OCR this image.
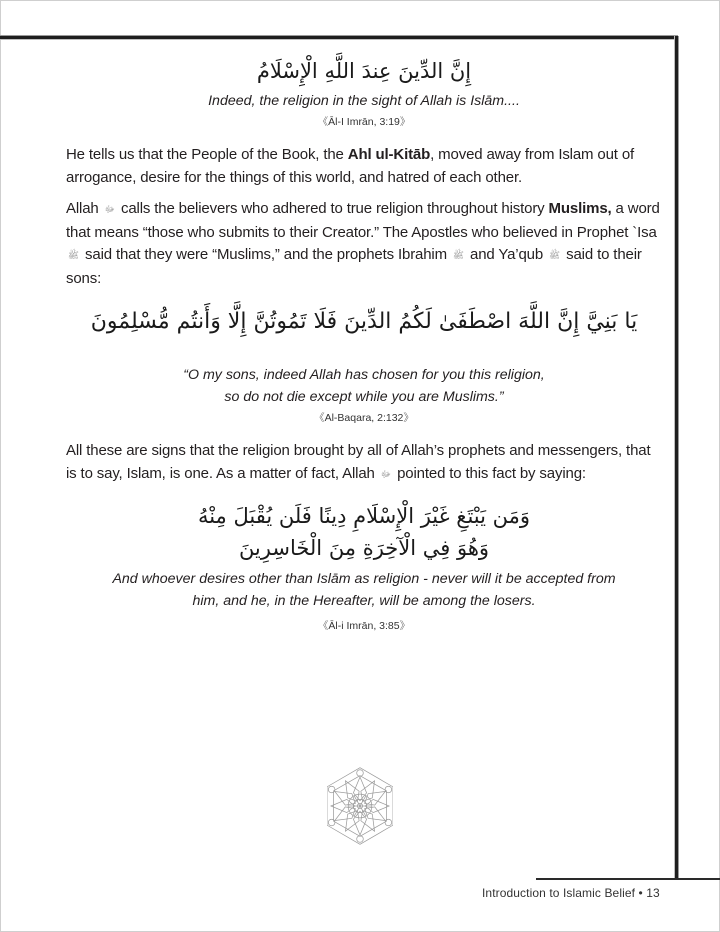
إِنَّ الدِّينَ عِندَ اللَّهِ الْإِسْلَامُ

Indeed, the religion in the sight of Allah is Islām....
《Āl-I Imrān, 3:19》

He tells us that the People of the Book, the Ahl ul-Kitāb, moved away from Islam out of arrogance, desire for the things of this world, and hatred of each other.

Allah ﷻ calls the believers who adhered to true religion throughout history Muslims, a word that means “those who submits to their Creator.” The Apostles who believed in Prophet `Isa ﷺ said that they were “Muslims,” and the prophets Ibrahim ﷺ and Ya’qub ﷺ said to their sons:

يَا بَنِيَّ إِنَّ اللَّهَ اصْطَفَىٰ لَكُمُ الدِّينَ فَلَا تَمُوتُنَّ إِلَّا وَأَنتُم مُّسْلِمُونَ

“O my sons, indeed Allah has chosen for you this religion,
so do not die except while you are Muslims.”
《Al-Baqara, 2:132》

All these are signs that the religion brought by all of Allah’s prophets and messengers, that is to say, Islam, is one. As a matter of fact, Allah ﷻ pointed to this fact by saying:

وَمَن يَبْتَغِ غَيْرَ الْإِسْلَامِ دِينًا فَلَن يُقْبَلَ مِنْهُ
وَهُوَ فِي الْآخِرَةِ مِنَ الْخَاسِرِينَ
And whoever desires other than Islām as religion - never will it be accepted from
him, and he, in the Hereafter, will be among the losers.
《Āl-i Imrān, 3:85》
Introduction to Islamic Belief • 13
